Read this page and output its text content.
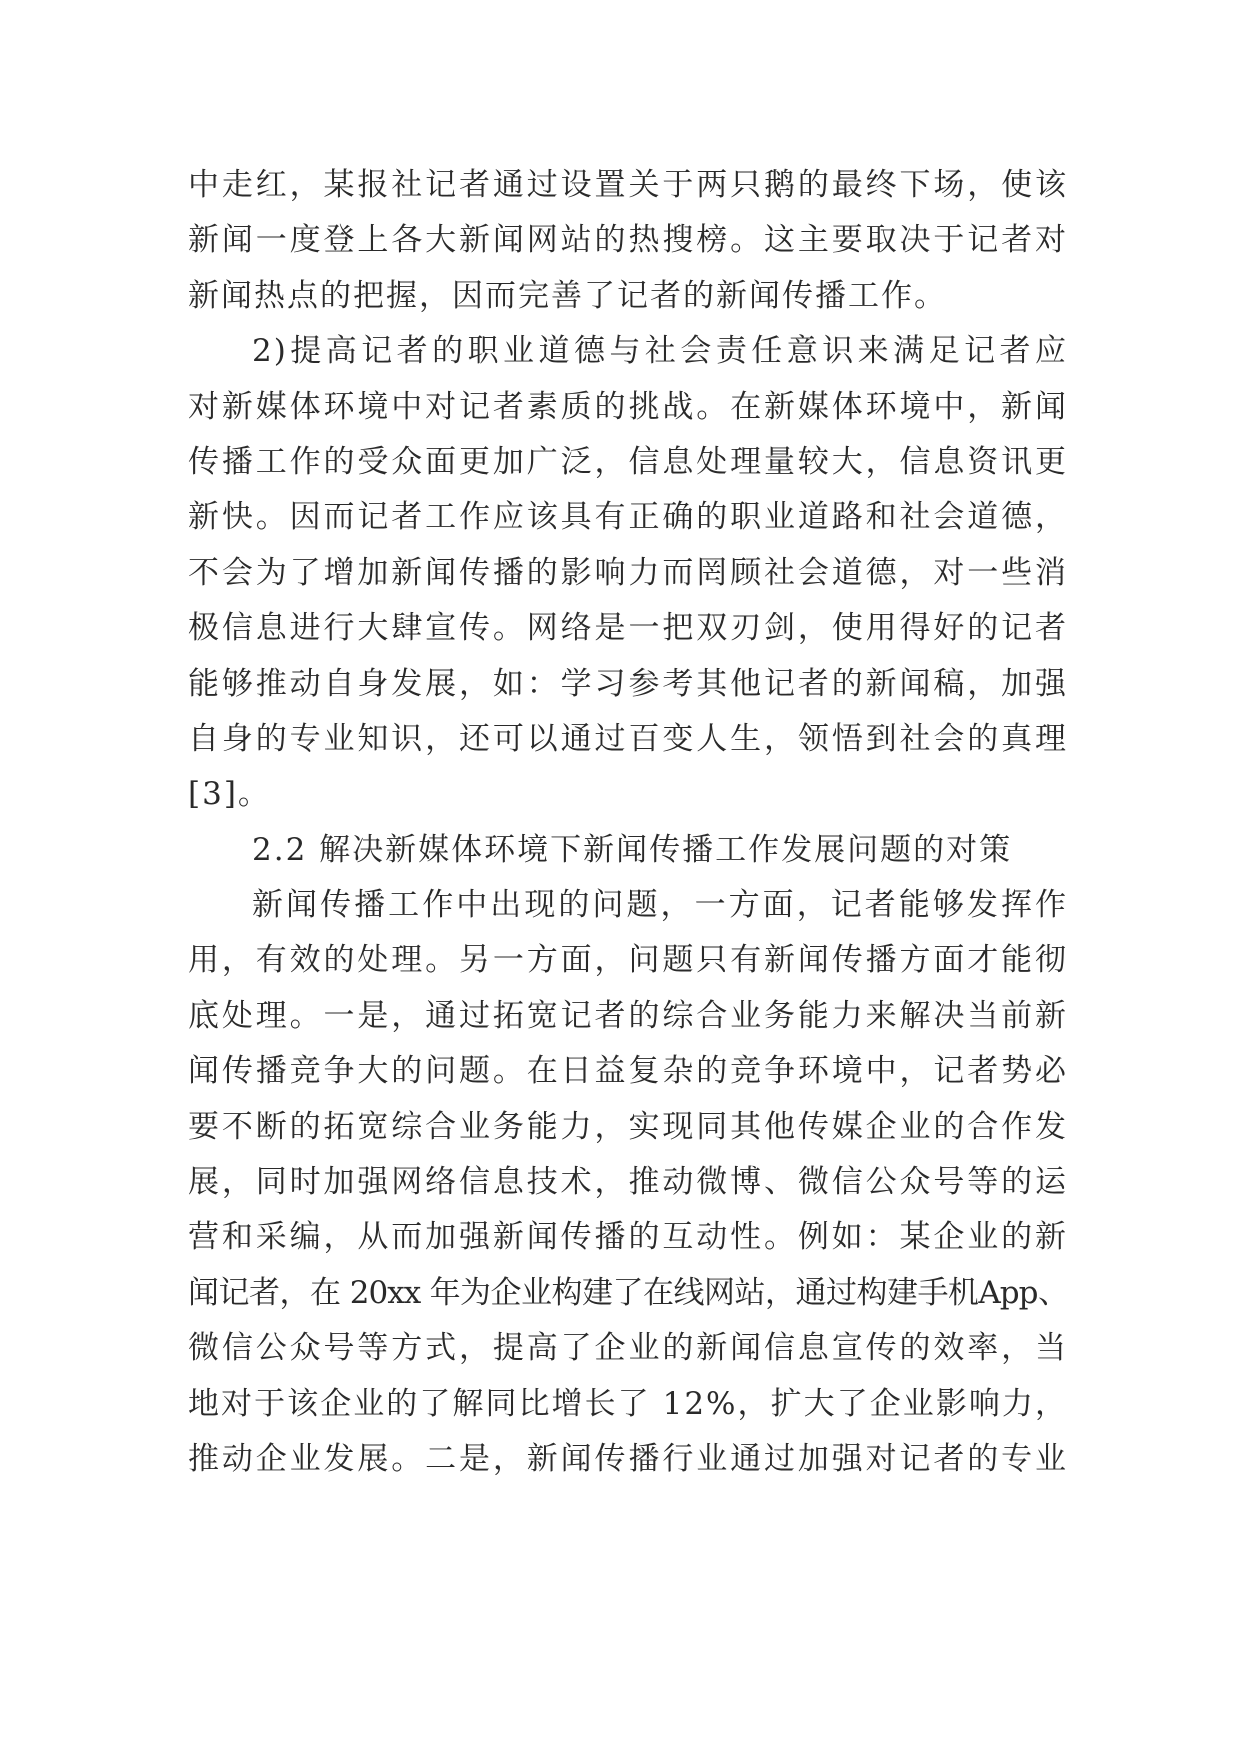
中走红，某报社记者通过设置关于两只鹅的最终下场，使该
新闻一度登上各大新闻网站的热搜榜。这主要取决于记者对
新闻热点的把握，因而完善了记者的新闻传播工作。
2)提高记者的职业道德与社会责任意识来满足记者应
对新媒体环境中对记者素质的挑战。在新媒体环境中，新闻
传播工作的受众面更加广泛，信息处理量较大，信息资讯更
新快。因而记者工作应该具有正确的职业道路和社会道德，
不会为了增加新闻传播的影响力而罔顾社会道德，对一些消
极信息进行大肆宣传。网络是一把双刃剑，使用得好的记者
能够推动自身发展，如：学习参考其他记者的新闻稿，加强
自身的专业知识，还可以通过百变人生，领悟到社会的真理
[3]。
2.2 解决新媒体环境下新闻传播工作发展问题的对策
新闻传播工作中出现的问题，一方面，记者能够发挥作
用，有效的处理。另一方面，问题只有新闻传播方面才能彻
底处理。一是，通过拓宽记者的综合业务能力来解决当前新
闻传播竞争大的问题。在日益复杂的竞争环境中，记者势必
要不断的拓宽综合业务能力，实现同其他传媒企业的合作发
展，同时加强网络信息技术，推动微博、微信公众号等的运
营和采编，从而加强新闻传播的互动性。例如：某企业的新
闻记者，在 20xx 年为企业构建了在线网站，通过构建手机App、
微信公众号等方式，提高了企业的新闻信息宣传的效率，当
地对于该企业的了解同比增长了 12%，扩大了企业影响力，
推动企业发展。二是，新闻传播行业通过加强对记者的专业
